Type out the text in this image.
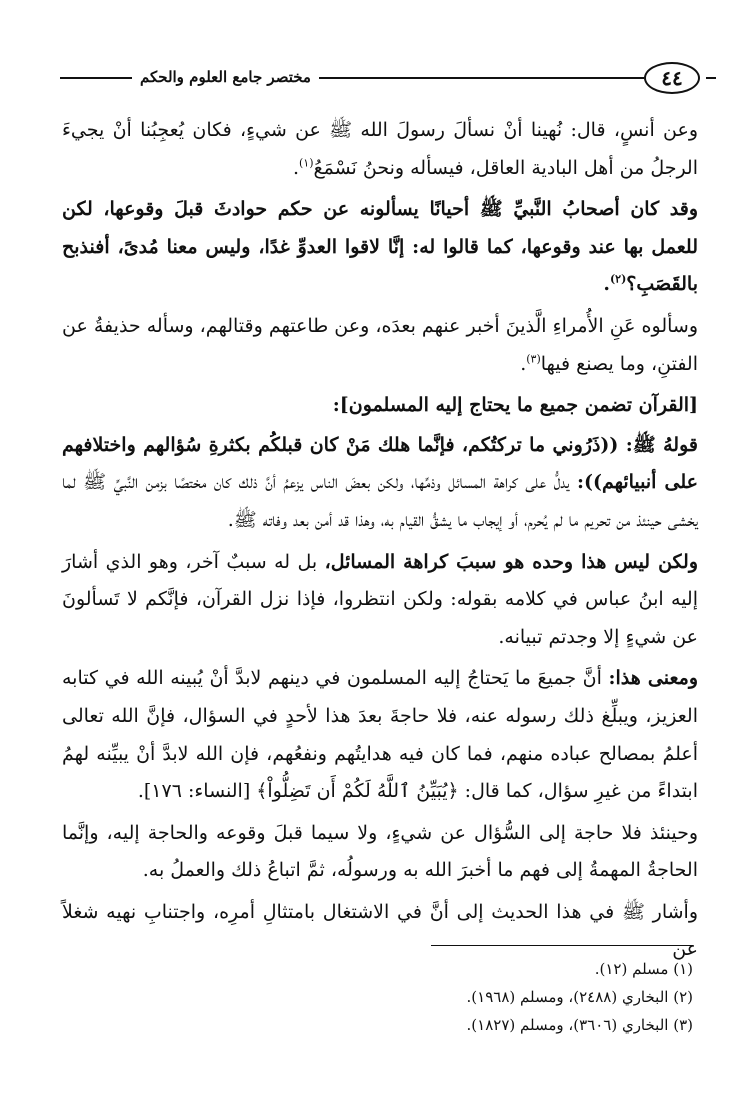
٤٤
مختصر جامع العلوم والحكم

وعن أنسٍ، قال: نُهينا أنْ نسألَ رسولَ الله ﷺ عن شيءٍ، فكان يُعجِبُنا أنْ يجيءَ الرجلُ من أهل البادية العاقل، فيسأله ونحنُ نَسْمَعُ$^{(١)}$.

وقد كان أصحابُ النَّبيِّ ﷺ أحيانًا يسألونه عن حكم حوادثَ قبلَ وقوعها، لكن للعمل بها عند وقوعها، كما قالوا له: إنَّا لاقوا العدوِّ غدًا، وليس معنا مُدىً، أفنذبح بالقَصَبِ؟$^{(٢)}$.

وسألوه عَنِ الأُمراءِ الَّذينَ أخبر عنهم بعدَه، وعن طاعتهم وقتالهم، وسأله حذيفةُ عن الفتنِ، وما يصنع فيها$^{(٣)}$.

[القرآن تضمن جميع ما يحتاج إليه المسلمون]:

قولهُ ﷺ: ((ذَرُوني ما تركتُكم، فإنَّما هلك مَنْ كان قبلكُم بكثرةِ سُؤالهم واختلافهم على أنبيائهم)): يدلُّ على كراهة المسائل وذمِّها، ولكن بعضَ الناس يزعمُ أنَّ ذلك كان مختصًا بزمن النَّبيِّ ﷺ لما يخشى حينئذ من تحريم ما لم يُحرم، أو إيجاب ما يشقُّ القيام به، وهذا قد أمن بعد وفاته ﷺ.

ولكن ليس هذا وحده هو سببَ كراهة المسائل، بل له سببٌ آخر، وهو الذي أشارَ إليه ابنُ عباس في كلامه بقوله: ولكن انتظروا، فإذا نزل القرآن، فإنَّكم لا تَسألونَ عن شيءٍ إلا وجدتم تبيانه.

ومعنى هذا: أنَّ جميعَ ما يَحتاجُ إليه المسلمون في دينهم لابدَّ أنْ يُبينه الله في كتابه العزيز، ويبلِّغ ذلك رسوله عنه، فلا حاجةَ بعدَ هذا لأحدٍ في السؤال، فإنَّ الله تعالى أعلمُ بمصالح عباده منهم، فما كان فيه هدايتُهم ونفعُهم، فإن الله لابدَّ أنْ يبيِّنه لهمُ ابتداءً من غيرِ سؤال، كما قال: ﴿يُبَيِّنُ ٱللَّهُ لَكُمْ أَن تَضِلُّواْ﴾ [النساء: ١٧٦].

وحينئذ فلا حاجة إلى السُّؤال عن شيءٍ، ولا سيما قبلَ وقوعه والحاجة إليه، وإنَّما الحاجةُ المهمةُ إلى فهم ما أخبرَ الله به ورسولُه، ثمَّ اتباعُ ذلك والعملُ به.

وأشار ﷺ في هذا الحديث إلى أنَّ في الاشتغال بامتثالِ أمرِه، واجتنابِ نهيه شغلاً عن

(١) مسلم (١٢).
(٢) البخاري (٢٤٨٨)، ومسلم (١٩٦٨).
(٣) البخاري (٣٦٠٦)، ومسلم (١٨٢٧).
